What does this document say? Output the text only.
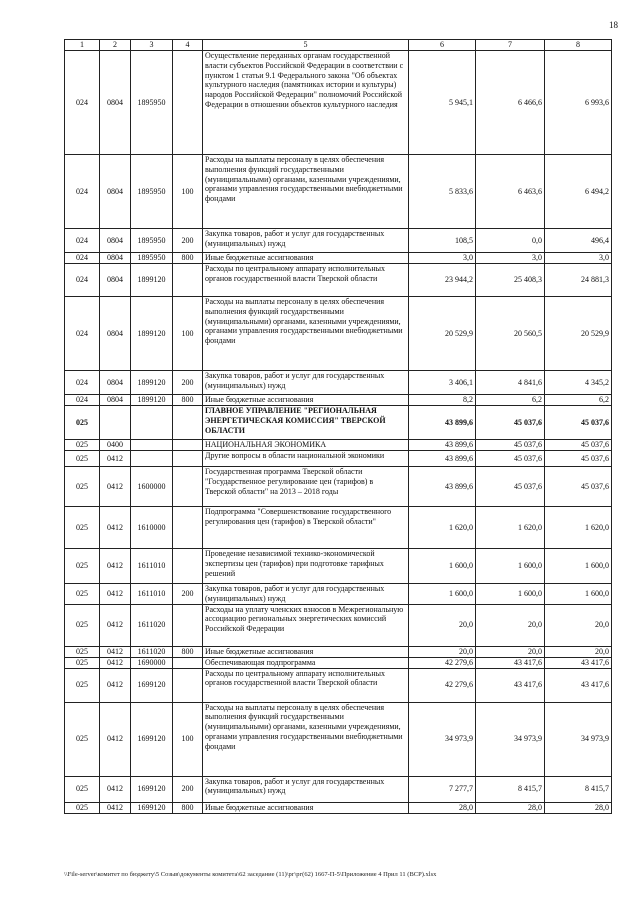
18
1	2	3	4	5	6	7	8
024	0804	1895950		Осуществление переданных органам государственной власти субъектов Российской Федерации в соответствии с пунктом 1 статьи 9.1 Федерального закона "Об объектах культурного наследия (памятниках истории и культуры) народов Российской Федерации" полномочий Российской Федерации в отношении объектов культурного наследия	5 945,1	6 466,6	6 993,6
024	0804	1895950	100	Расходы на выплаты персоналу в целях обеспечения выполнения функций государственными (муниципальными) органами, казенными учреждениями, органами управления государственными внебюджетными фондами	5 833,6	6 463,6	6 494,2
024	0804	1895950	200	Закупка товаров, работ и услуг для государственных (муниципальных) нужд	108,5	0,0	496,4
024	0804	1895950	800	Иные бюджетные ассигнования	3,0	3,0	3,0
024	0804	1899120		Расходы по центральному аппарату исполнительных органов государственной власти Тверской области	23 944,2	25 408,3	24 881,3
024	0804	1899120	100	Расходы на выплаты персоналу в целях обеспечения выполнения функций государственными (муниципальными) органами, казенными учреждениями, органами управления государственными внебюджетными фондами	20 529,9	20 560,5	20 529,9
024	0804	1899120	200	Закупка товаров, работ и услуг для государственных (муниципальных) нужд	3 406,1	4 841,6	4 345,2
024	0804	1899120	800	Иные бюджетные ассигнования	8,2	6,2	6,2
025				ГЛАВНОЕ УПРАВЛЕНИЕ "РЕГИОНАЛЬНАЯ ЭНЕРГЕТИЧЕСКАЯ КОМИССИЯ" ТВЕРСКОЙ ОБЛАСТИ	43 899,6	45 037,6	45 037,6
025	0400			НАЦИОНАЛЬНАЯ ЭКОНОМИКА	43 899,6	45 037,6	45 037,6
025	0412			Другие вопросы в области национальной экономики	43 899,6	45 037,6	45 037,6
025	0412	1600000		Государственная программа Тверской области "Государственное регулирование цен (тарифов) в Тверской области" на 2013 – 2018 годы	43 899,6	45 037,6	45 037,6
025	0412	1610000		Подпрограмма "Совершенствование государственного регулирования цен (тарифов) в Тверской области"	1 620,0	1 620,0	1 620,0
025	0412	1611010		Проведение независимой технико-экономической экспертизы цен (тарифов) при подготовке тарифных решений	1 600,0	1 600,0	1 600,0
025	0412	1611010	200	Закупка товаров, работ и услуг для государственных (муниципальных) нужд	1 600,0	1 600,0	1 600,0
025	0412	1611020		Расходы на уплату членских взносов в Межрегиональную ассоциацию региональных энергетических комиссий Российской Федерации	20,0	20,0	20,0
025	0412	1611020	800	Иные бюджетные ассигнования	20,0	20,0	20,0
025	0412	1690000		Обеспечивающая подпрограмма	42 279,6	43 417,6	43 417,6
025	0412	1699120		Расходы по центральному аппарату исполнительных органов государственной власти Тверской области	42 279,6	43 417,6	43 417,6
025	0412	1699120	100	Расходы на выплаты персоналу в целях обеспечения выполнения функций государственными (муниципальными) органами, казенными учреждениями, органами управления государственными внебюджетными фондами	34 973,9	34 973,9	34 973,9
025	0412	1699120	200	Закупка товаров, работ и услуг для государственных (муниципальных) нужд	7 277,7	8 415,7	8 415,7
025	0412	1699120	800	Иные бюджетные ассигнования	28,0	28,0	28,0
\\File-server\комитет по бюджету\5 Созыв\документы комитета\62 заседание (11)\рг\рг(62) 1667-П-5\Приложение 4 Прил 11 (ВСР).xlsx
